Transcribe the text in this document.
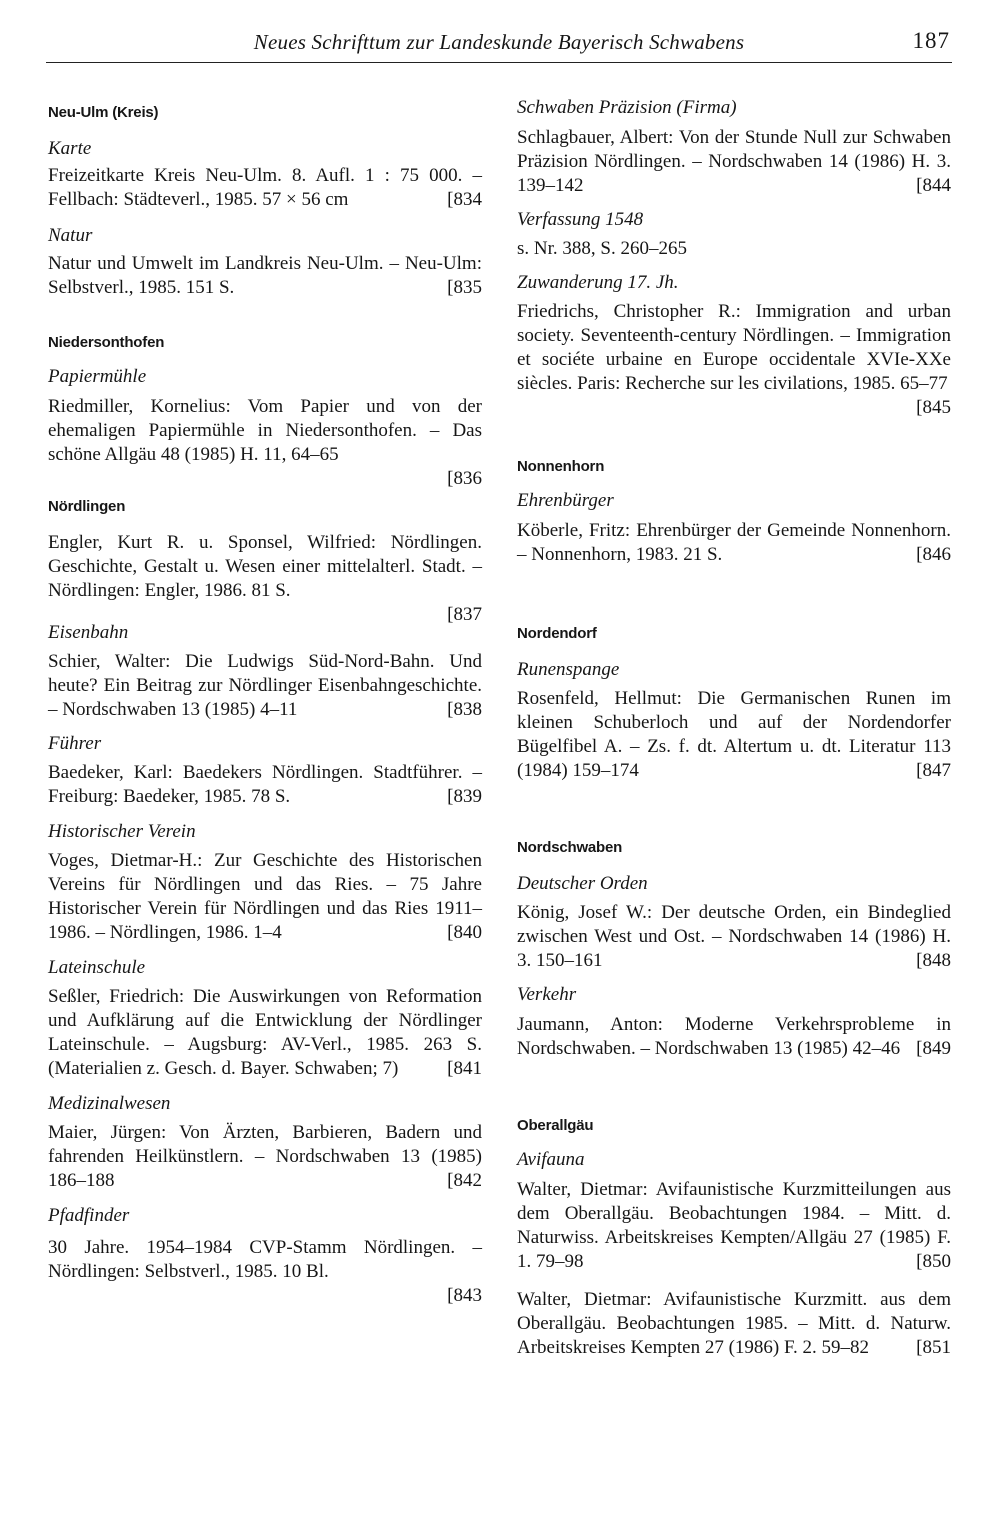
Neues Schrifttum zur Landeskunde Bayerisch Schwabens	187
Neu-Ulm (Kreis)
Karte

Freizeitkarte Kreis Neu-Ulm. 8. Aufl. 1 : 75 000. – Fellbach: Städteverl., 1985. 57 × 56 cm	[834

Natur

Natur und Umwelt im Landkreis Neu-Ulm. – Neu-Ulm: Selbstverl., 1985. 151 S.	[835

Niedersonthofen
Papiermühle

Riedmiller, Kornelius: Vom Papier und von der ehemaligen Papiermühle in Niedersonthofen. – Das schöne Allgäu 48 (1985) H. 11, 64–65
[836

Nördlingen

Engler, Kurt R. u. Sponsel, Wilfried: Nördlingen. Geschichte, Gestalt u. Wesen einer mittelalterl. Stadt. – Nördlingen: Engler, 1986. 81 S.
[837

Eisenbahn

Schier, Walter: Die Ludwigs Süd-Nord-Bahn. Und heute? Ein Beitrag zur Nördlinger Eisenbahngeschichte. – Nordschwaben 13 (1985) 4–11	[838

Führer

Baedeker, Karl: Baedekers Nördlingen. Stadtführer. – Freiburg: Baedeker, 1985. 78 S.	[839

Historischer Verein

Voges, Dietmar-H.: Zur Geschichte des Historischen Vereins für Nördlingen und das Ries. – 75 Jahre Historischer Verein für Nördlingen und das Ries 1911–1986. – Nördlingen, 1986. 1–4	[840

Lateinschule

Seßler, Friedrich: Die Auswirkungen von Reformation und Aufklärung auf die Entwicklung der Nördlinger Lateinschule. – Augsburg: AV-Verl., 1985. 263 S. (Materialien z. Gesch. d. Bayer. Schwaben; 7)	[841

Medizinalwesen

Maier, Jürgen: Von Ärzten, Barbieren, Badern und fahrenden Heilkünstlern. – Nordschwaben 13 (1985) 186–188	[842

Pfadfinder

30 Jahre. 1954–1984 CVP-Stamm Nördlingen. – Nördlingen: Selbstverl., 1985. 10 Bl.
[843

Schwaben Präzision (Firma)

Schlagbauer, Albert: Von der Stunde Null zur Schwaben Präzision Nördlingen. – Nordschwaben 14 (1986) H. 3. 139–142	[844

Verfassung 1548

s. Nr. 388, S. 260–265

Zuwanderung 17. Jh.

Friedrichs, Christopher R.: Immigration and urban society. Seventeenth-century Nördlingen. – Immigration et sociéte urbaine en Europe occidentale XVIe-XXe siècles. Paris: Recherche sur les civilations, 1985. 65–77
[845

Nonnenhorn
Ehrenbürger

Köberle, Fritz: Ehrenbürger der Gemeinde Nonnenhorn. – Nonnenhorn, 1983. 21 S.	[846

Nordendorf
Runenspange

Rosenfeld, Hellmut: Die Germanischen Runen im kleinen Schuberloch und auf der Nordendorfer Bügelfibel A. – Zs. f. dt. Altertum u. dt. Literatur 113 (1984) 159–174	[847

Nordschwaben
Deutscher Orden

König, Josef W.: Der deutsche Orden, ein Bindeglied zwischen West und Ost. – Nordschwaben 14 (1986) H. 3. 150–161	[848

Verkehr

Jaumann, Anton: Moderne Verkehrsprobleme in Nordschwaben. – Nordschwaben 13 (1985) 42–46 [849

Oberallgäu
Avifauna

Walter, Dietmar: Avifaunistische Kurzmitteilungen aus dem Oberallgäu. Beobachtungen 1984. – Mitt. d. Naturwiss. Arbeitskreises Kempten/Allgäu 27 (1985) F. 1. 79–98	[850

Walter, Dietmar: Avifaunistische Kurzmitt. aus dem Oberallgäu. Beobachtungen 1985. – Mitt. d. Naturw. Arbeitskreises Kempten 27 (1986) F. 2. 59–82 [851
